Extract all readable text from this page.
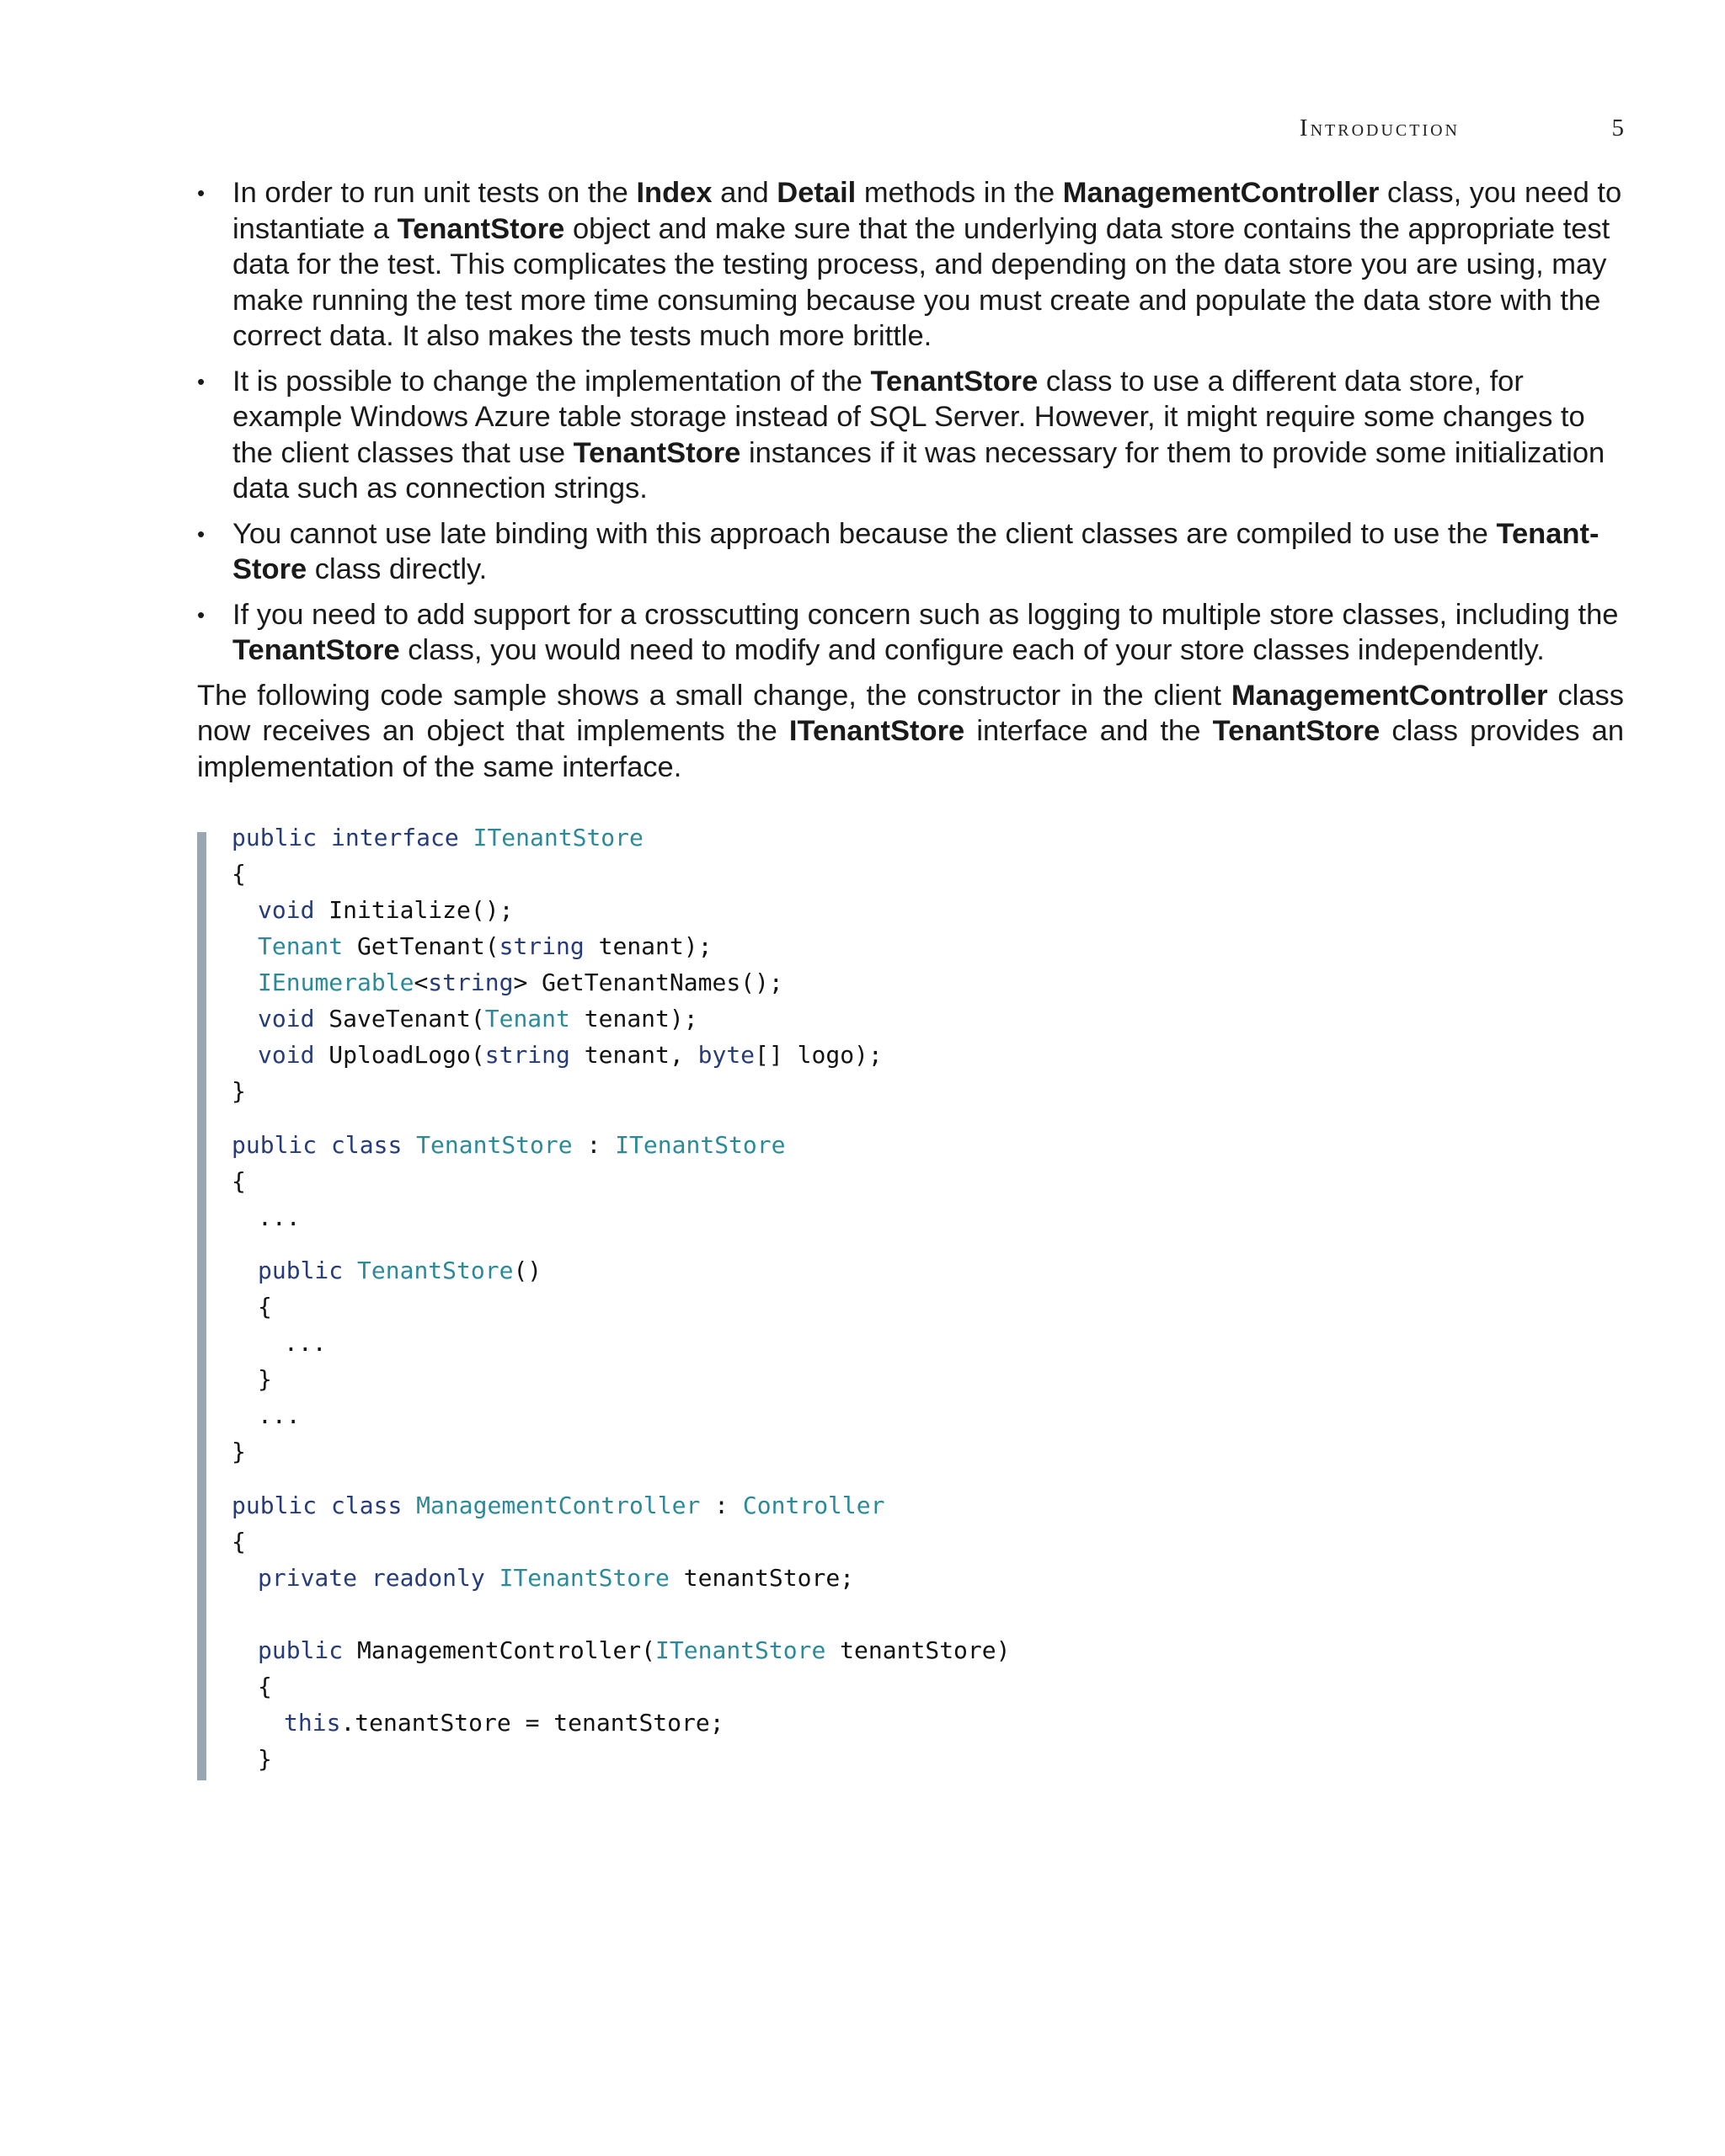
Introduction	5
• In order to run unit tests on the Index and Detail methods in the ManagementController class, you need to instantiate a TenantStore object and make sure that the underlying data store contains the appropriate test data for the test. This complicates the testing process, and depending on the data store you are using, may make running the test more time consuming because you must create and populate the data store with the correct data. It also makes the tests much more brittle.
• It is possible to change the implementation of the TenantStore class to use a different data store, for example Windows Azure table storage instead of SQL Server. However, it might require some changes to the client classes that use TenantStore instances if it was necessary for them to provide some initialization data such as connection strings.
• You cannot use late binding with this approach because the client classes are compiled to use the Tenant-Store class directly.
• If you need to add support for a crosscutting concern such as logging to multiple store classes, including the TenantStore class, you would need to modify and configure each of your store classes independently.

The following code sample shows a small change, the constructor in the client ManagementController class now receives an object that implements the ITenantStore interface and the TenantStore class provides an implementation of the same interface.

public interface ITenantStore
{
void Initialize();
Tenant GetTenant(string tenant);
IEnumerable<string> GetTenantNames();
void SaveTenant(Tenant tenant);
void UploadLogo(string tenant, byte[] logo);
}
public class TenantStore : ITenantStore
{
...
public TenantStore()
{
...
}
...
}
public class ManagementController : Controller
{
private readonly ITenantStore tenantStore;
public ManagementController(ITenantStore tenantStore)
{
this.tenantStore = tenantStore;
}
